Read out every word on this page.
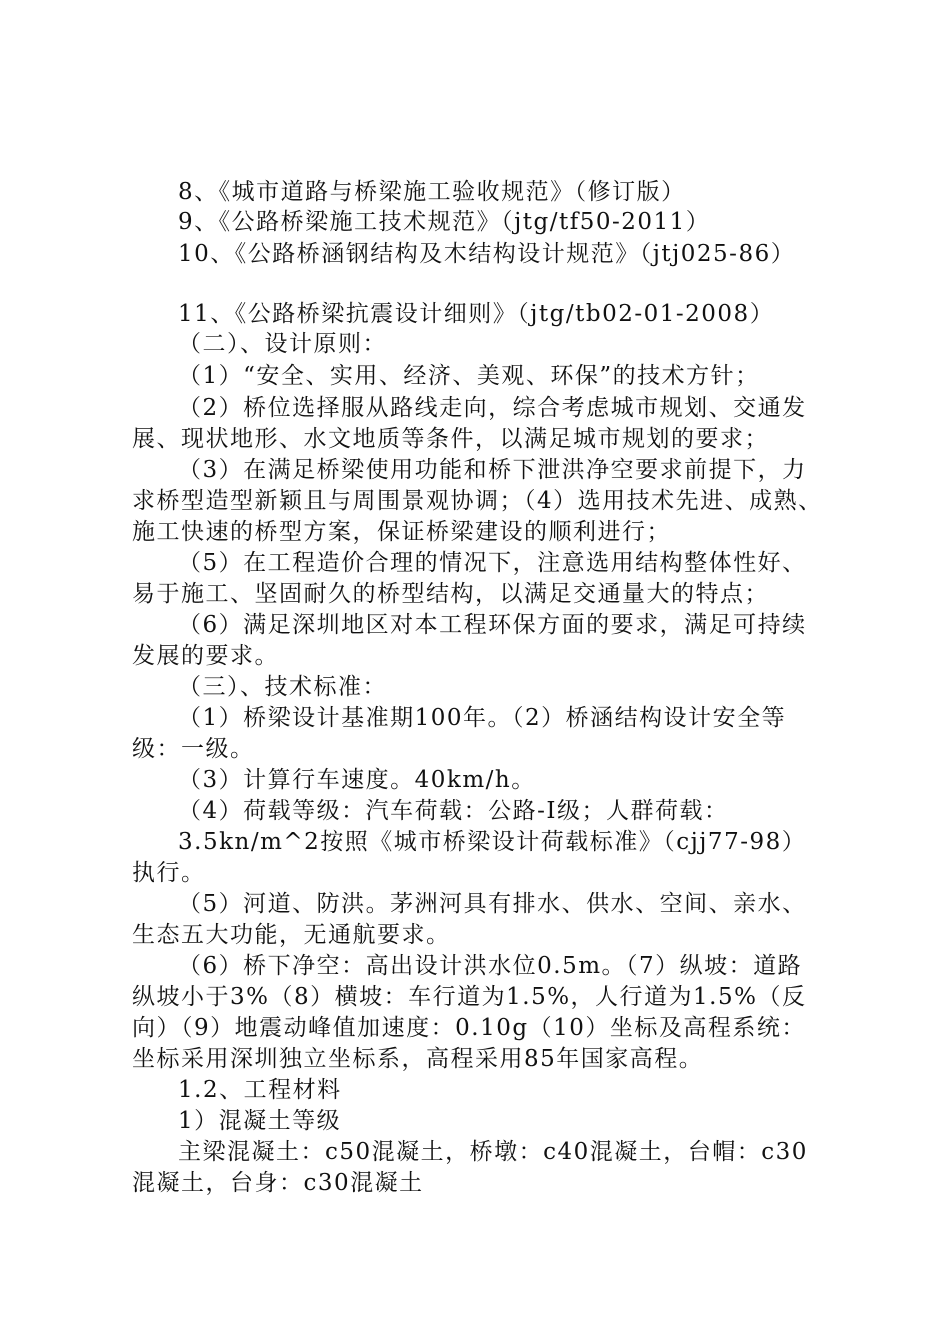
8、《城市道路与桥梁施工验收规范》（修订版）
9、《公路桥梁施工技术规范》（jtg/tf50-2011）
10、《公路桥涵钢结构及木结构设计规范》（jtj025-86）
11、《公路桥梁抗震设计细则》（jtg/tb02-01-2008）
（二）、设计原则：
（1）“安全、实用、经济、美观、环保”的技术方针；
（2）桥位选择服从路线走向，综合考虑城市规划、交通发
展、现状地形、水文地质等条件，以满足城市规划的要求；
（3）在满足桥梁使用功能和桥下泄洪净空要求前提下，力
求桥型造型新颖且与周围景观协调；（4）选用技术先进、成熟、
施工快速的桥型方案，保证桥梁建设的顺利进行；
（5）在工程造价合理的情况下，注意选用结构整体性好、
易于施工、坚固耐久的桥型结构，以满足交通量大的特点；
（6）满足深圳地区对本工程环保方面的要求，满足可持续
发展的要求。
（三）、技术标准：
（1）桥梁设计基准期100年。（2）桥涵结构设计安全等
级：一级。
（3）计算行车速度。40km/h。
（4）荷载等级：汽车荷载：公路-Ⅰ级；人群荷载：
3.5kn/m^2按照《城市桥梁设计荷载标准》（cjj77-98）
执行。
（5）河道、防洪。茅洲河具有排水、供水、空间、亲水、
生态五大功能，无通航要求。
（6）桥下净空：高出设计洪水位0.5m。（7）纵坡：道路
纵坡小于3%（8）横坡：车行道为1.5%，人行道为1.5%（反
向）（9）地震动峰值加速度：0.10g（10）坐标及高程系统：
坐标采用深圳独立坐标系，高程采用85年国家高程。
1.2、工程材料
1）混凝土等级
主梁混凝土：c50混凝土，桥墩：c40混凝土，台帽：c30
混凝土，台身：c30混凝土
